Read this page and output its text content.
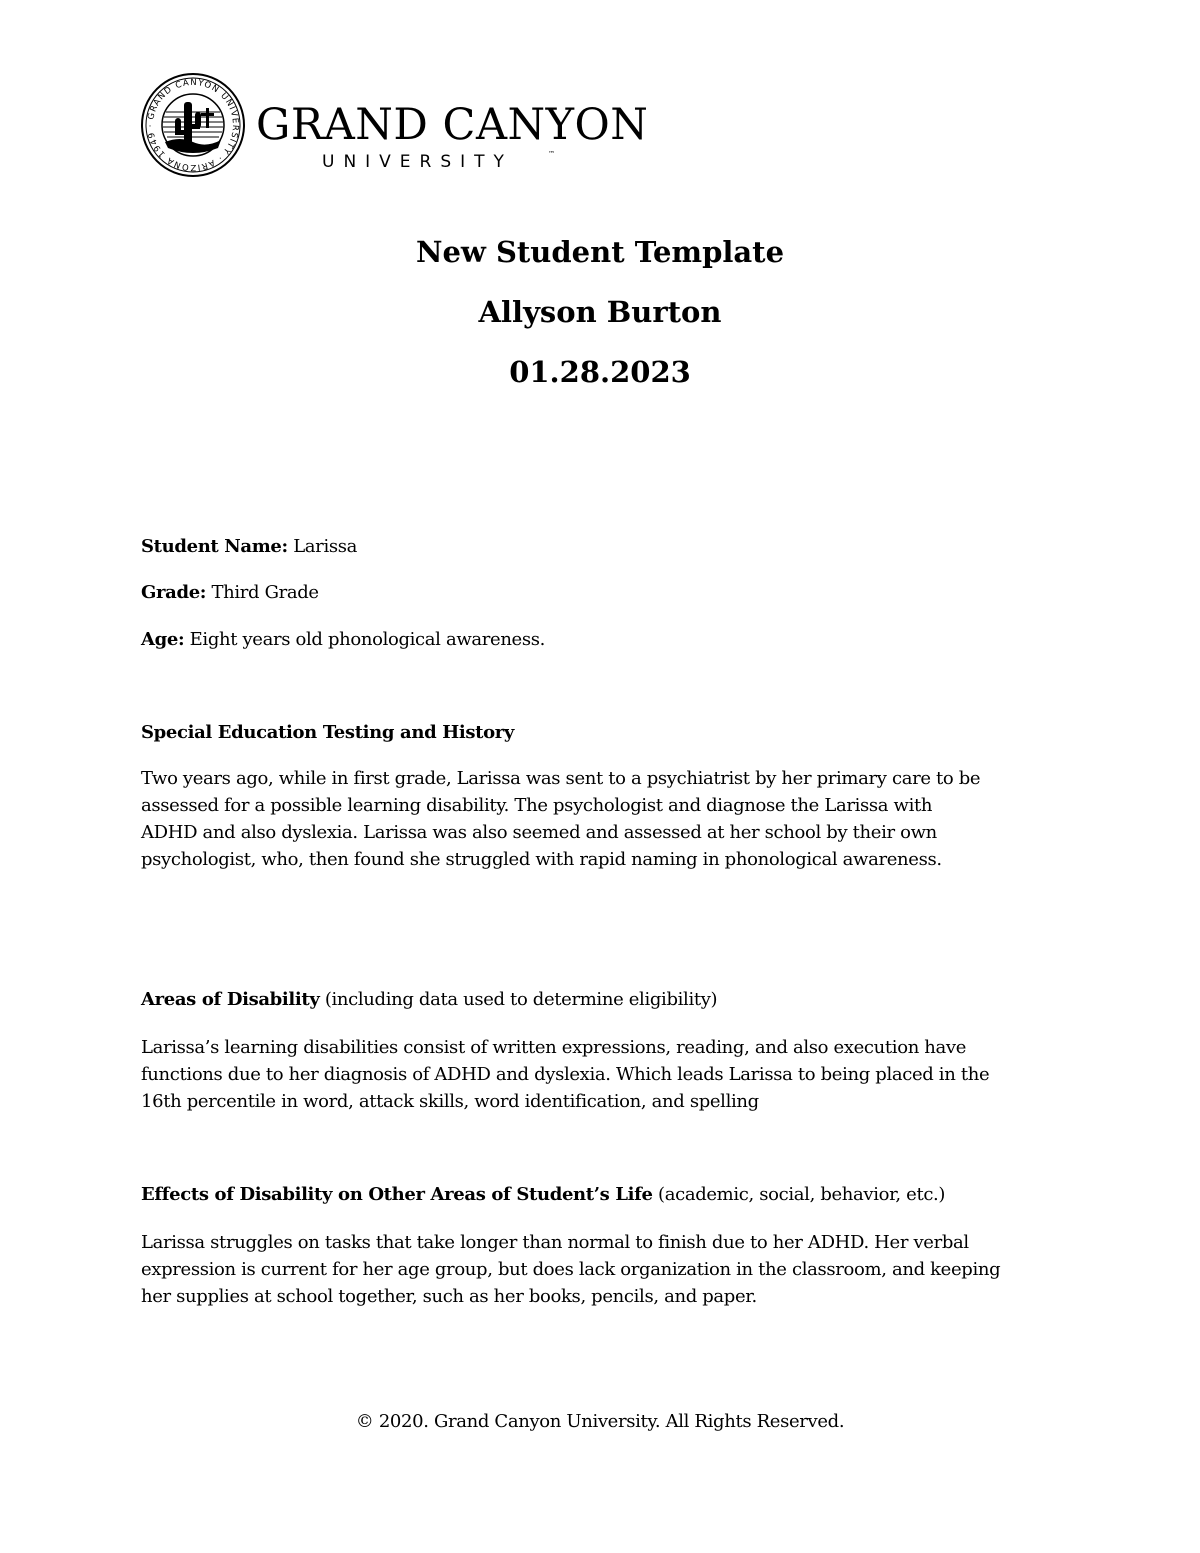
GRAND CANYON UNIVERSITY · ARIZONA 1949 ·	GRAND CANYON
UNIVERSITY	™
New Student Template
Allyson Burton
01.28.2023
Student Name: Larissa
Grade: Third Grade
Age: Eight years old phonological awareness.
Special Education Testing and History
Two years ago, while in first grade, Larissa was sent to a psychiatrist by her primary care to be
assessed for a possible learning disability. The psychologist and diagnose the Larissa with
ADHD and also dyslexia. Larissa was also seemed and assessed at her school by their own
psychologist, who, then found she struggled with rapid naming in phonological awareness.
Areas of Disability (including data used to determine eligibility)
Larissa’s learning disabilities consist of written expressions, reading, and also execution have
functions due to her diagnosis of ADHD and dyslexia. Which leads Larissa to being placed in the
16th percentile in word, attack skills, word identification, and spelling
Effects of Disability on Other Areas of Student’s Life (academic, social, behavior, etc.)
Larissa struggles on tasks that take longer than normal to finish due to her ADHD. Her verbal
expression is current for her age group, but does lack organization in the classroom, and keeping
her supplies at school together, such as her books, pencils, and paper.
© 2020. Grand Canyon University. All Rights Reserved.
